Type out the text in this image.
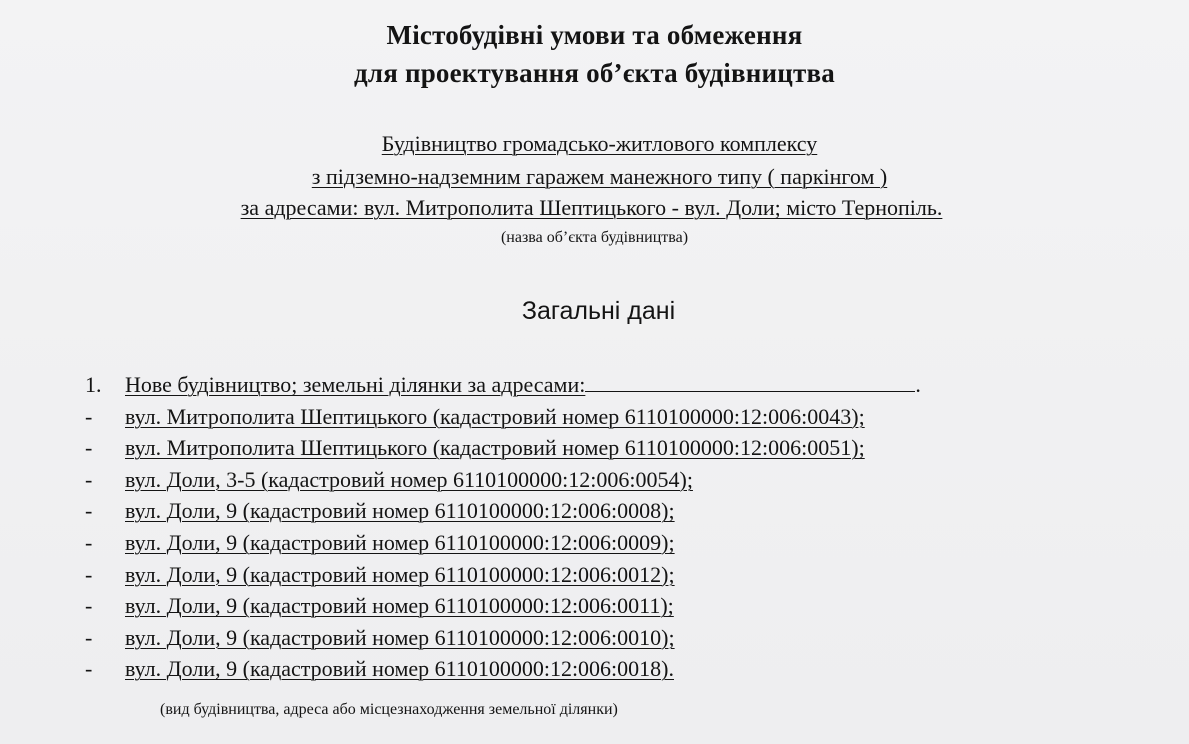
Містобудівні умови та обмеження
для проектування об’єкта будівництва
Будівництво громадсько-житлового комплексу
з підземно-надземним гаражем манежного типу ( паркінгом )
за адресами: вул. Митрополита Шептицького - вул. Доли; місто Тернопіль.
(назва об’єкта будівництва)
Загальні дані
1. Нове будівництво; земельні ділянки за адресами:	.
- вул. Митрополита Шептицького (кадастровий номер 6110100000:12:006:0043);
- вул. Митрополита Шептицького (кадастровий номер 6110100000:12:006:0051);
- вул. Доли, 3-5 (кадастровий номер 6110100000:12:006:0054);
- вул. Доли, 9 (кадастровий номер 6110100000:12:006:0008);
- вул. Доли, 9 (кадастровий номер 6110100000:12:006:0009);
- вул. Доли, 9 (кадастровий номер 6110100000:12:006:0012);
- вул. Доли, 9 (кадастровий номер 6110100000:12:006:0011);
- вул. Доли, 9 (кадастровий номер 6110100000:12:006:0010);
- вул. Доли, 9 (кадастровий номер 6110100000:12:006:0018).
(вид будівництва, адреса або місцезнаходження земельної ділянки)
